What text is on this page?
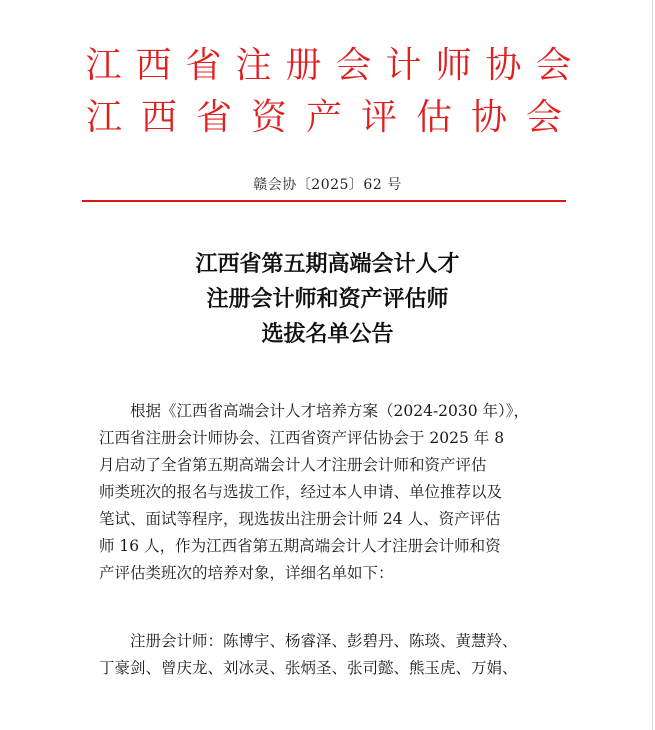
江西省注册会计师协会
江西省资产评估协会
赣会协〔2025〕62 号
江西省第五期高端会计人才
注册会计师和资产评估师
选拔名单公告
　　根据《江西省高端会计人才培养方案（2024-2030 年）》，
江西省注册会计师协会、江西省资产评估协会于 2025 年 8
月启动了全省第五期高端会计人才注册会计师和资产评估
师类班次的报名与选拔工作，经过本人申请、单位推荐以及
笔试、面试等程序，现选拔出注册会计师 24 人、资产评估
师 16 人，作为江西省第五期高端会计人才注册会计师和资
产评估类班次的培养对象，详细名单如下：
　　注册会计师：陈博宇、杨睿泽、彭碧丹、陈琰、黄慧羚、
丁豪剑、曾庆龙、刘冰灵、张炳圣、张司懿、熊玉虎、万娟、
